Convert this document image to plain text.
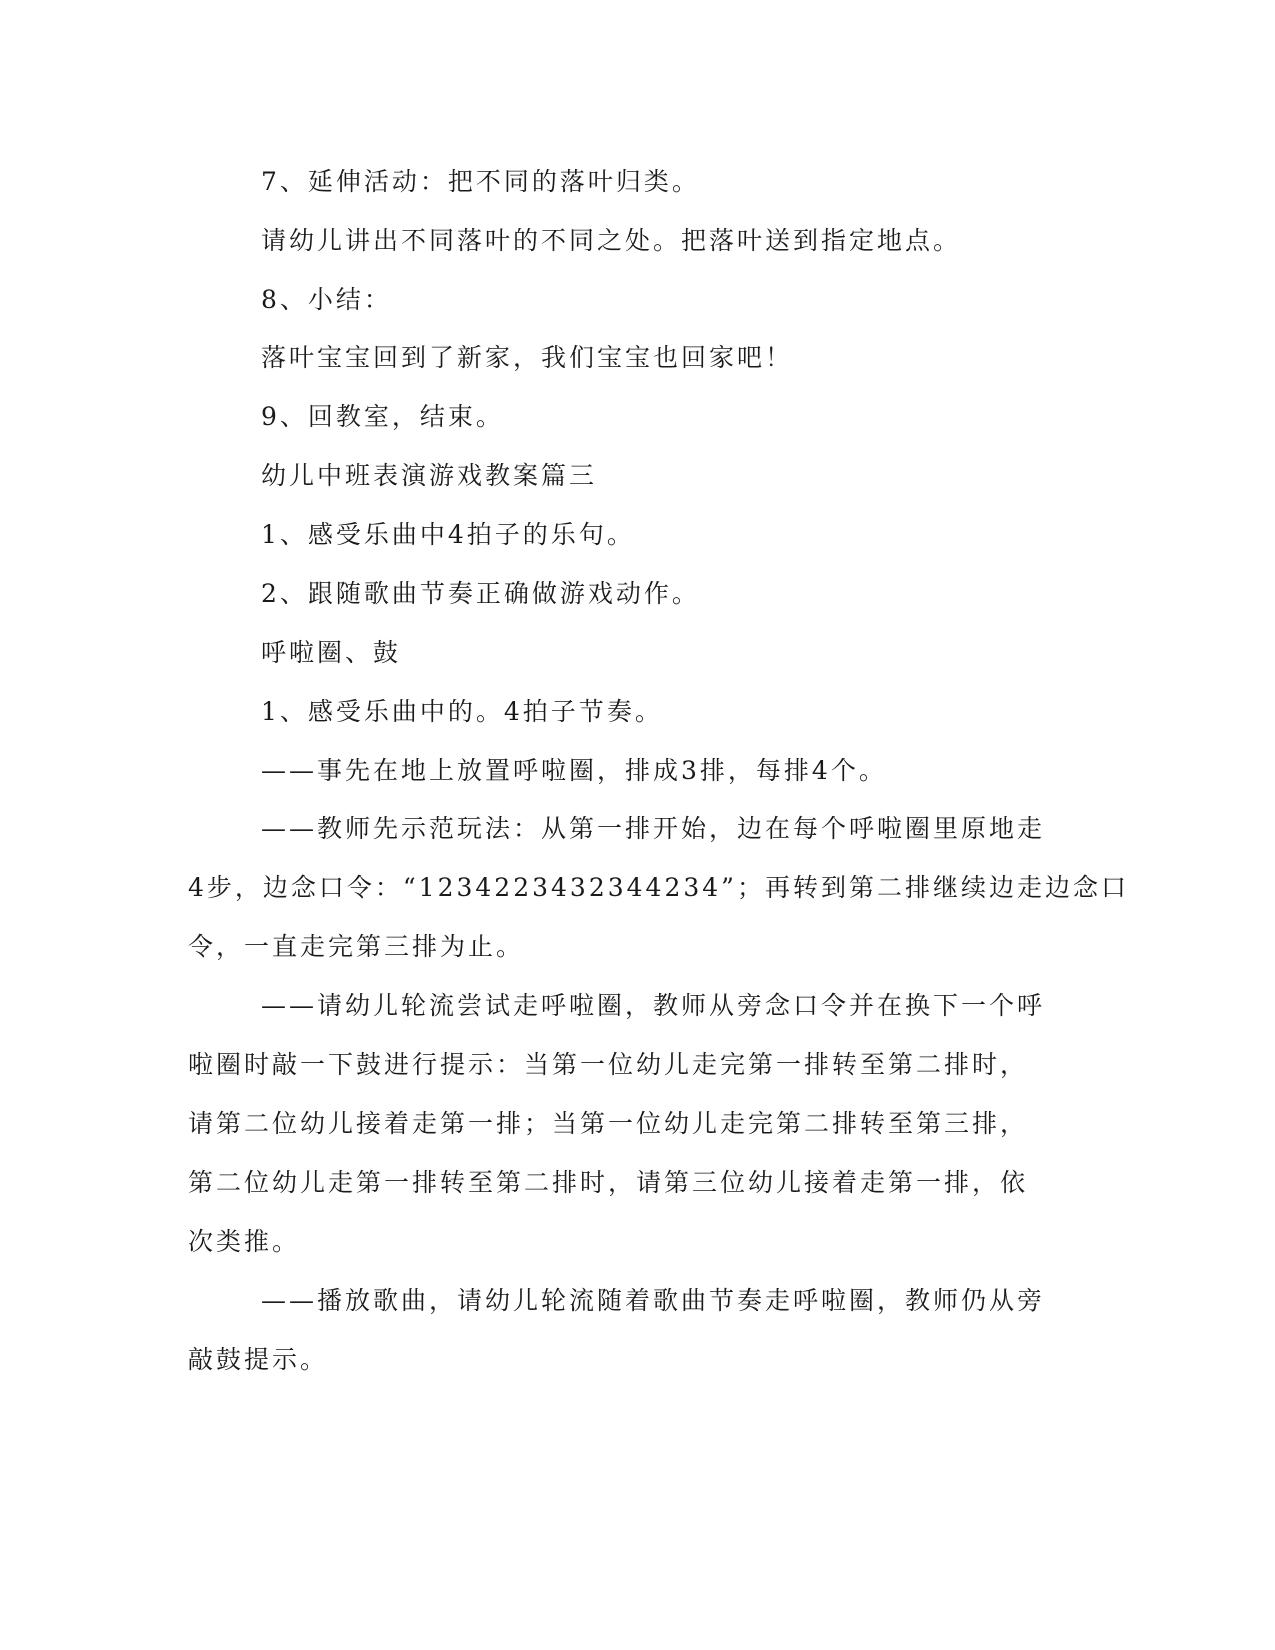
7、延伸活动：把不同的落叶归类。
请幼儿讲出不同落叶的不同之处。把落叶送到指定地点。
8、小结：
落叶宝宝回到了新家，我们宝宝也回家吧！
9、回教室，结束。
幼儿中班表演游戏教案篇三
1、感受乐曲中4拍子的乐句。
2、跟随歌曲节奏正确做游戏动作。
呼啦圈、鼓
1、感受乐曲中的。4拍子节奏。
——事先在地上放置呼啦圈，排成3排，每排4个。
——教师先示范玩法：从第一排开始，边在每个呼啦圈里原地走
4步，边念口令：“1234223432344234”；再转到第二排继续边走边念口
令，一直走完第三排为止。
——请幼儿轮流尝试走呼啦圈，教师从旁念口令并在换下一个呼
啦圈时敲一下鼓进行提示：当第一位幼儿走完第一排转至第二排时，
请第二位幼儿接着走第一排；当第一位幼儿走完第二排转至第三排，
第二位幼儿走第一排转至第二排时，请第三位幼儿接着走第一排，依
次类推。
——播放歌曲，请幼儿轮流随着歌曲节奏走呼啦圈，教师仍从旁
敲鼓提示。
